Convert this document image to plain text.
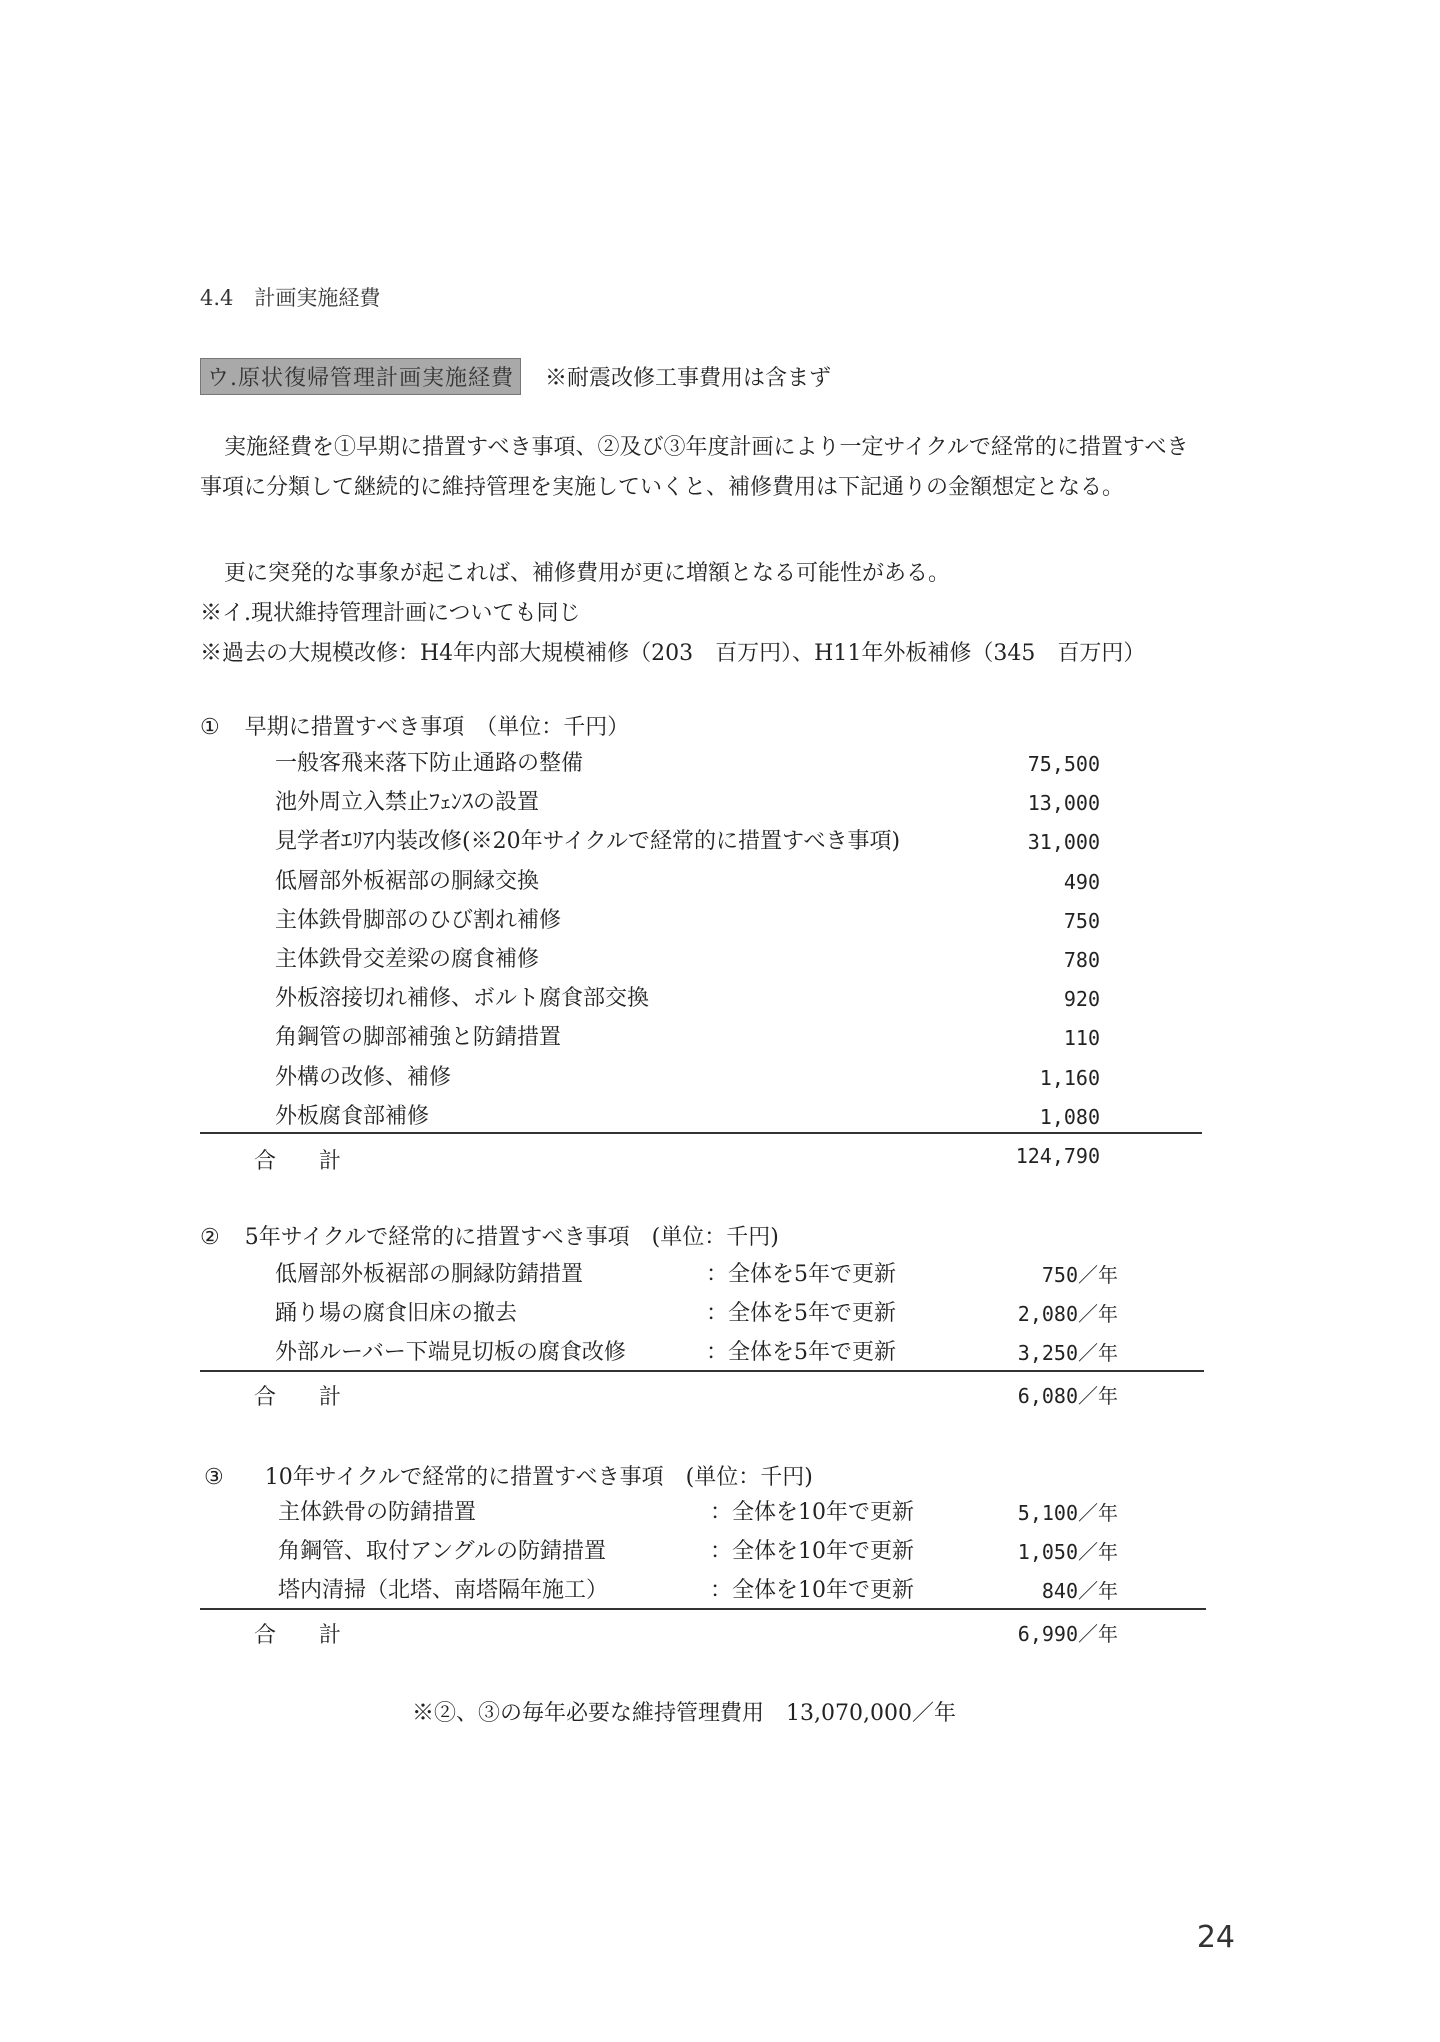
4.4　計画実施経費
ウ.原状復帰管理計画実施経費	※耐震改修工事費用は含まず
実施経費を①早期に措置すべき事項、②及び③年度計画により一定サイクルで経常的に措置すべき事項に分類して継続的に維持管理を実施していくと、補修費用は下記通りの金額想定となる。
更に突発的な事象が起これば、補修費用が更に増額となる可能性がある。
※イ.現状維持管理計画についても同じ
※過去の大規模改修：H4年内部大規模補修（203　百万円）、H11年外板補修（345　百万円）
① 早期に措置すべき事項　（単位：千円）
一般客飛来落下防止通路の整備	75,500
池外周立入禁止ﾌｪﾝｽの設置	13,000
見学者ｴﾘｱ内装改修(※20年サイクルで経常的に措置すべき事項)	31,000
低層部外板裾部の胴縁交換	490
主体鉄骨脚部のひび割れ補修	750
主体鉄骨交差梁の腐食補修	780
外板溶接切れ補修、ボルト腐食部交換	920
角鋼管の脚部補強と防錆措置	110
外構の改修、補修	1,160
外板腐食部補修	1,080
合 計	124,790
② 5年サイクルで経常的に措置すべき事項　(単位：千円)
低層部外板裾部の胴縁防錆措置	：全体を5年で更新	750／年
踊り場の腐食旧床の撤去	：全体を5年で更新	2,080／年
外部ルーバー下端見切板の腐食改修	：全体を5年で更新	3,250／年
合 計	6,080／年
③ 10年サイクルで経常的に措置すべき事項　(単位：千円)
主体鉄骨の防錆措置	：全体を10年で更新	5,100／年
角鋼管、取付アングルの防錆措置	：全体を10年で更新	1,050／年
塔内清掃（北塔、南塔隔年施工）	：全体を10年で更新	840／年
合 計	6,990／年
※②、③の毎年必要な維持管理費用　13,070,000／年
24
